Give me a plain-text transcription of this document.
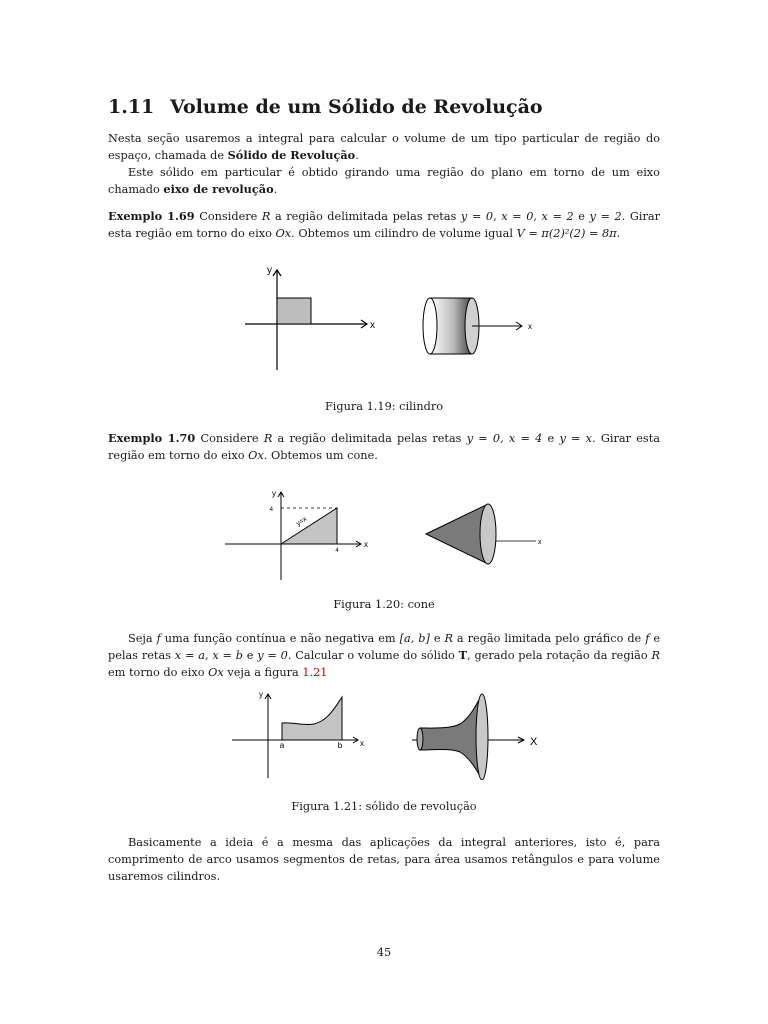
1.11 Volume de um Sólido de Revolução

Nesta seção usaremos a integral para calcular o volume de um tipo particular de região do espaço, chamada de Sólido de Revolução.

Este sólido em particular é obtido girando uma região do plano em torno de um eixo chamado eixo de revolução.

Exemplo 1.69 Considere R a região delimitada pelas retas y = 0, x = 0, x = 2 e y = 2. Girar esta região em torno do eixo Ox. Obtemos um cilindro de volume igual V = π(2)²(2) = 8π.

y
x	x

Figura 1.19: cilindro

Exemplo 1.70 Considere R a região delimitada pelas retas y = 0, x = 4 e y = x. Girar esta região em torno do eixo Ox. Obtemos um cone.

y
x
4
4
y=x
x

Figura 1.20: cone

Seja f uma função contínua e não negativa em [a, b] e R a regão limitada pelo gráfico de f e pelas retas x = a, x = b e y = 0. Calcular o volume do sólido T, gerado pela rotação da região R em torno do eixo Ox veja a figura 1.21

y
x
a	b	X

Figura 1.21: sólido de revolução

Basicamente a ideia é a mesma das aplicações da integral anteriores, isto é, para comprimento de arco usamos segmentos de retas, para área usamos retângulos e para volume usaremos cilindros.

45
